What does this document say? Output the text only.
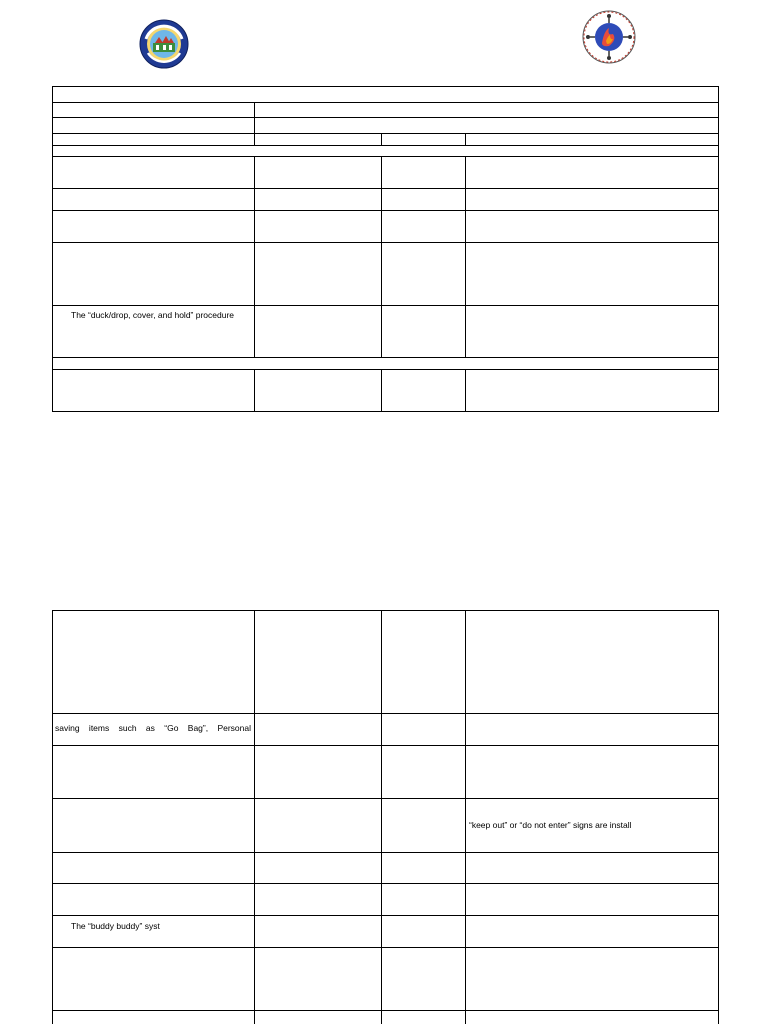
The “duck/drop, cover, and hold” procedure
saving items such as “Go Bag”, Personal
“keep out” or “do not enter” signs are install
The “buddy buddy” syst
